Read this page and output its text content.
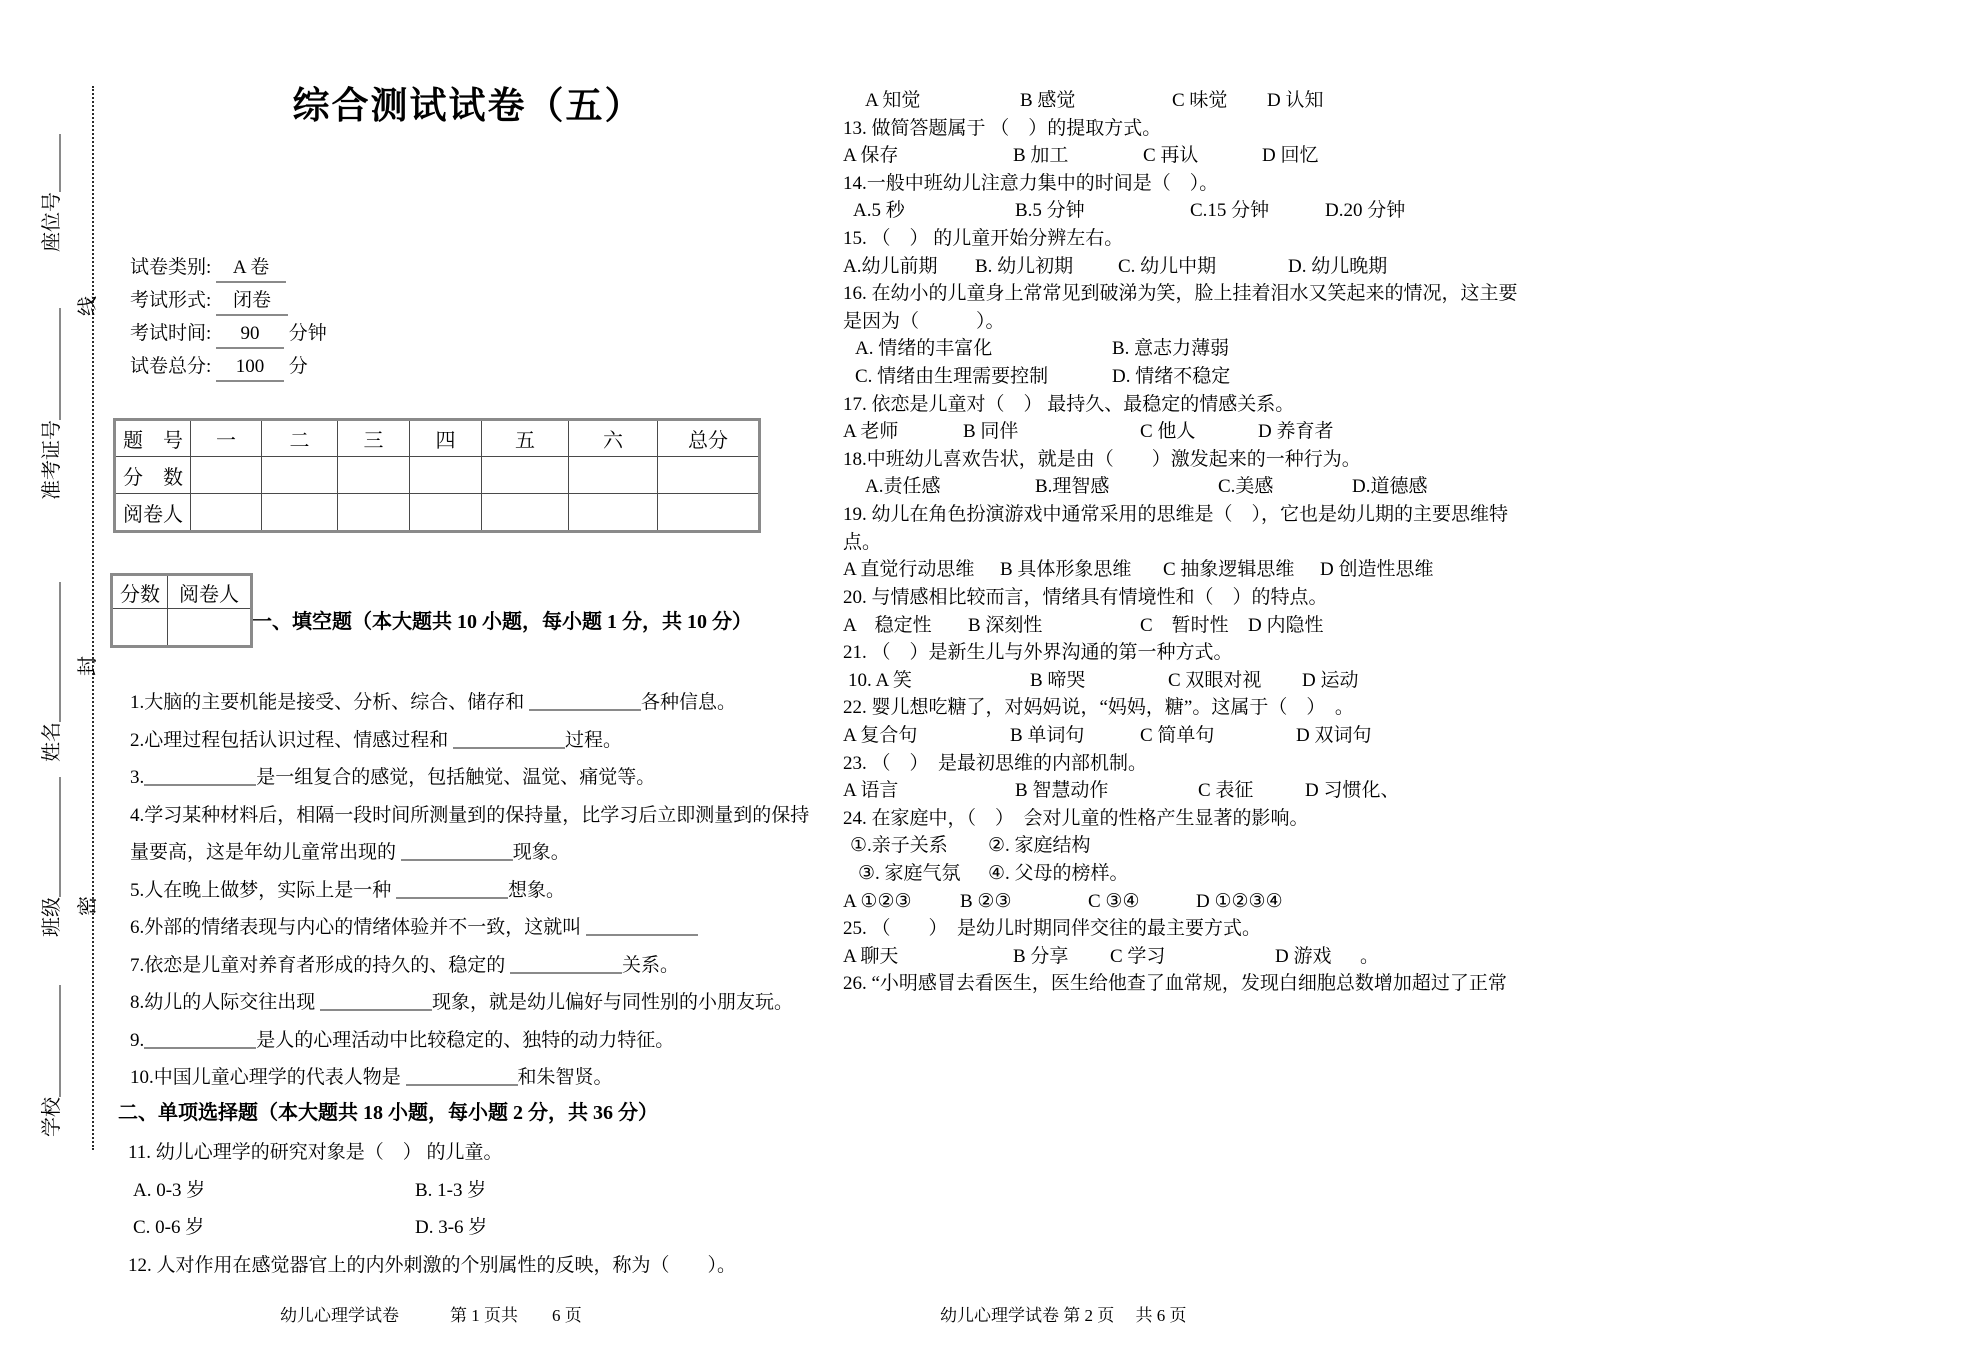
综合测试试卷（五）
试卷类别: A 卷
考试形式: 闭卷
考试时间: 90 分钟
试卷总分: 100 分
一、填空题（本大题共 10 小题，每小题 1 分，共 10 分）
1.大脑的主要机能是接受、分析、综合、储存和	各种信息。
2.心理过程包括认识过程、情感过程和	过程。
3.	是一组复合的感觉，包括触觉、温觉、痛觉等。
4.学习某种材料后，相隔一段时间所测量到的保持量，比学习后立即测量到的保持
量要高，这是年幼儿童常出现的	现象。
5.人在晚上做梦，实际上是一种	想象。
6.外部的情绪表现与内心的情绪体验并不一致，这就叫
7.依恋是儿童对养育者形成的持久的、稳定的	关系。
8.幼儿的人际交往出现	现象，就是幼儿偏好与同性别的小朋友玩。
9.	是人的心理活动中比较稳定的、独特的动力特征。
10.中国儿童心理学的代表人物是	和朱智贤。
二、单项选择题（本大题共 18 小题，每小题 2 分，共 36 分）
11. 幼儿心理学的研究对象是（　） 的儿童。
A. 0-3 岁	B. 1-3 岁
C. 0-6 岁	D. 3-6 岁
12. 人对作用在感觉器官上的内外刺激的个别属性的反映，称为（　　）。
幼儿心理学试卷　　　第 1 页共　　6 页
A 知觉	B 感觉	C 味觉 D 认知
13. 做简答题属于 （　）的提取方式。
A 保存	B 加工	C 再认	D 回忆
14.一般中班幼儿注意力集中的时间是（　）。
A.5 秒	B.5 分钟	C.15 分钟	D.20 分钟
15. （　） 的儿童开始分辨左右。
A.幼儿前期 B. 幼儿初期 C. 幼儿中期	D. 幼儿晚期
16. 在幼小的儿童身上常常见到破涕为笑，脸上挂着泪水又笑起来的情况，这主要
是因为（　　　）。
A. 情绪的丰富化	B. 意志力薄弱
C. 情绪由生理需要控制	D. 情绪不稳定
17. 依恋是儿童对（　） 最持久、最稳定的情感关系。
A 老师	B 同伴	C 他人	D 养育者
18.中班幼儿喜欢告状，就是由（　　）激发起来的一种行为。
A.责任感	B.理智感	C.美感	D.道德感
19. 幼儿在角色扮演游戏中通常采用的思维是（　），它也是幼儿期的主要思维特
点。
A 直觉行动思维 B 具体形象思维 C 抽象逻辑思维 D 创造性思维
20. 与情感相比较而言，情绪具有情境性和（　）的特点。
A　稳定性 B 深刻性	C　暂时性 D 内隐性
21. （　）是新生儿与外界沟通的第一种方式。
10. A 笑	B 啼哭	C 双眼对视 D 运动
22. 婴儿想吃糖了，对妈妈说，“妈妈，糖”。这属于（　）　。
A 复合句	B 单词句	C 简单句	D 双词句
23. （　）　是最初思维的内部机制。
A 语言	B 智慧动作	C 表征	D 习惯化、
24. 在家庭中，（　）　会对儿童的性格产生显著的影响。
①.亲子关系 ②. 家庭结构
③. 家庭气氛 ④. 父母的榜样。
A ①②③	B ②③	C ③④	D ①②③④
25. （　　）　是幼儿时期同伴交往的最主要方式。
A 聊天	B 分享 C 学习	D 游戏 。
26. “小明感冒去看医生，医生给他查了血常规，发现白细胞总数增加超过了正常
幼儿心理学试卷 第 2 页　 共 6 页
题　号	一	二	三	四	五	六	总分
分　数							
阅卷人							
分数	阅卷人

座位号
准考证号
姓名
班级
学校
线
封
密
